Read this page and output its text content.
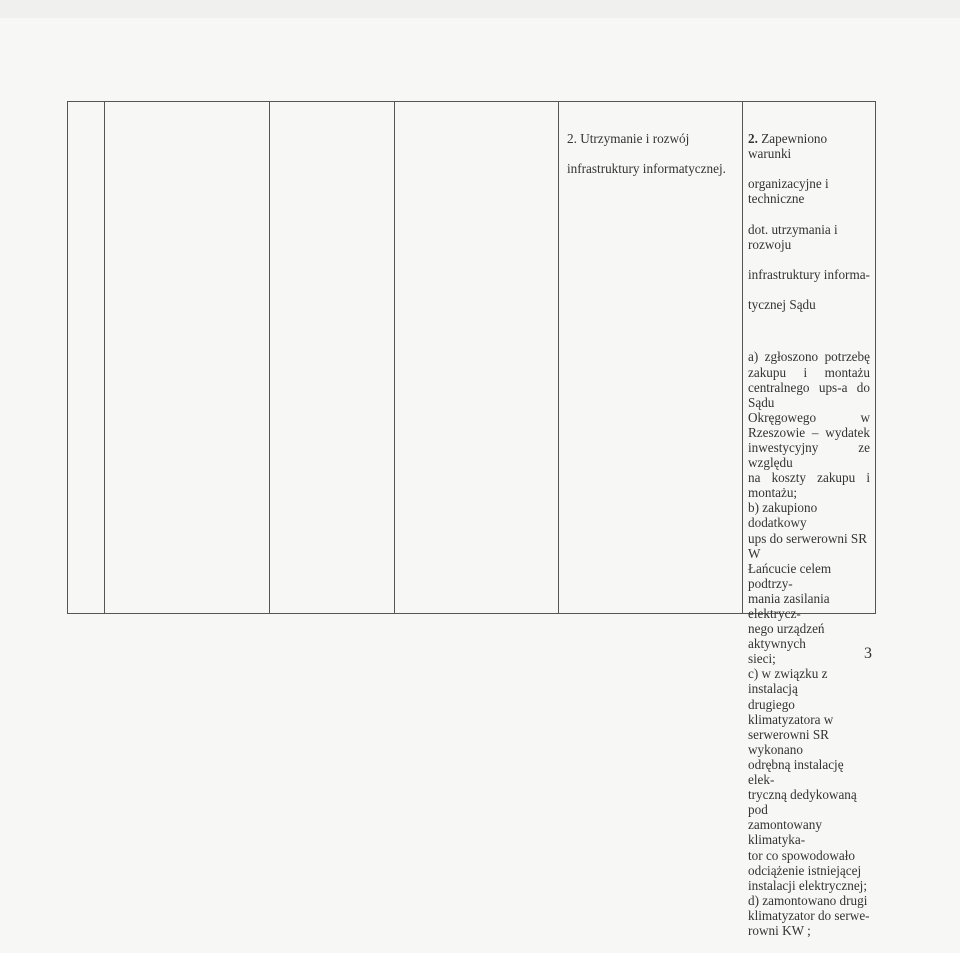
2. Utrzymanie i rozwój

infrastruktury informatycznej.

2. Zapewniono warunki

organizacyjne i techniczne

dot. utrzymania i rozwoju

infrastruktury informa-

tycznej Sądu

a) zgłoszono potrzebę
zakupu i montażu
centralnego ups-a do Sądu
Okręgowego w
Rzeszowie – wydatek
inwestycyjny ze względu
na koszty zakupu i
montażu;
b) zakupiono dodatkowy
ups do serwerowni SR W
Łańcucie celem podtrzy-
mania zasilania elektrycz-
nego urządzeń aktywnych
sieci;
c) w związku z instalacją
drugiego klimatyzatora w
serwerowni SR wykonano
odrębną instalację elek-
tryczną dedykowaną pod
zamontowany klimatyka-
tor co spowodowało
odciążenie istniejącej
instalacji elektrycznej;
d) zamontowano drugi
klimatyzator do serwe-
rowni KW ;

3
